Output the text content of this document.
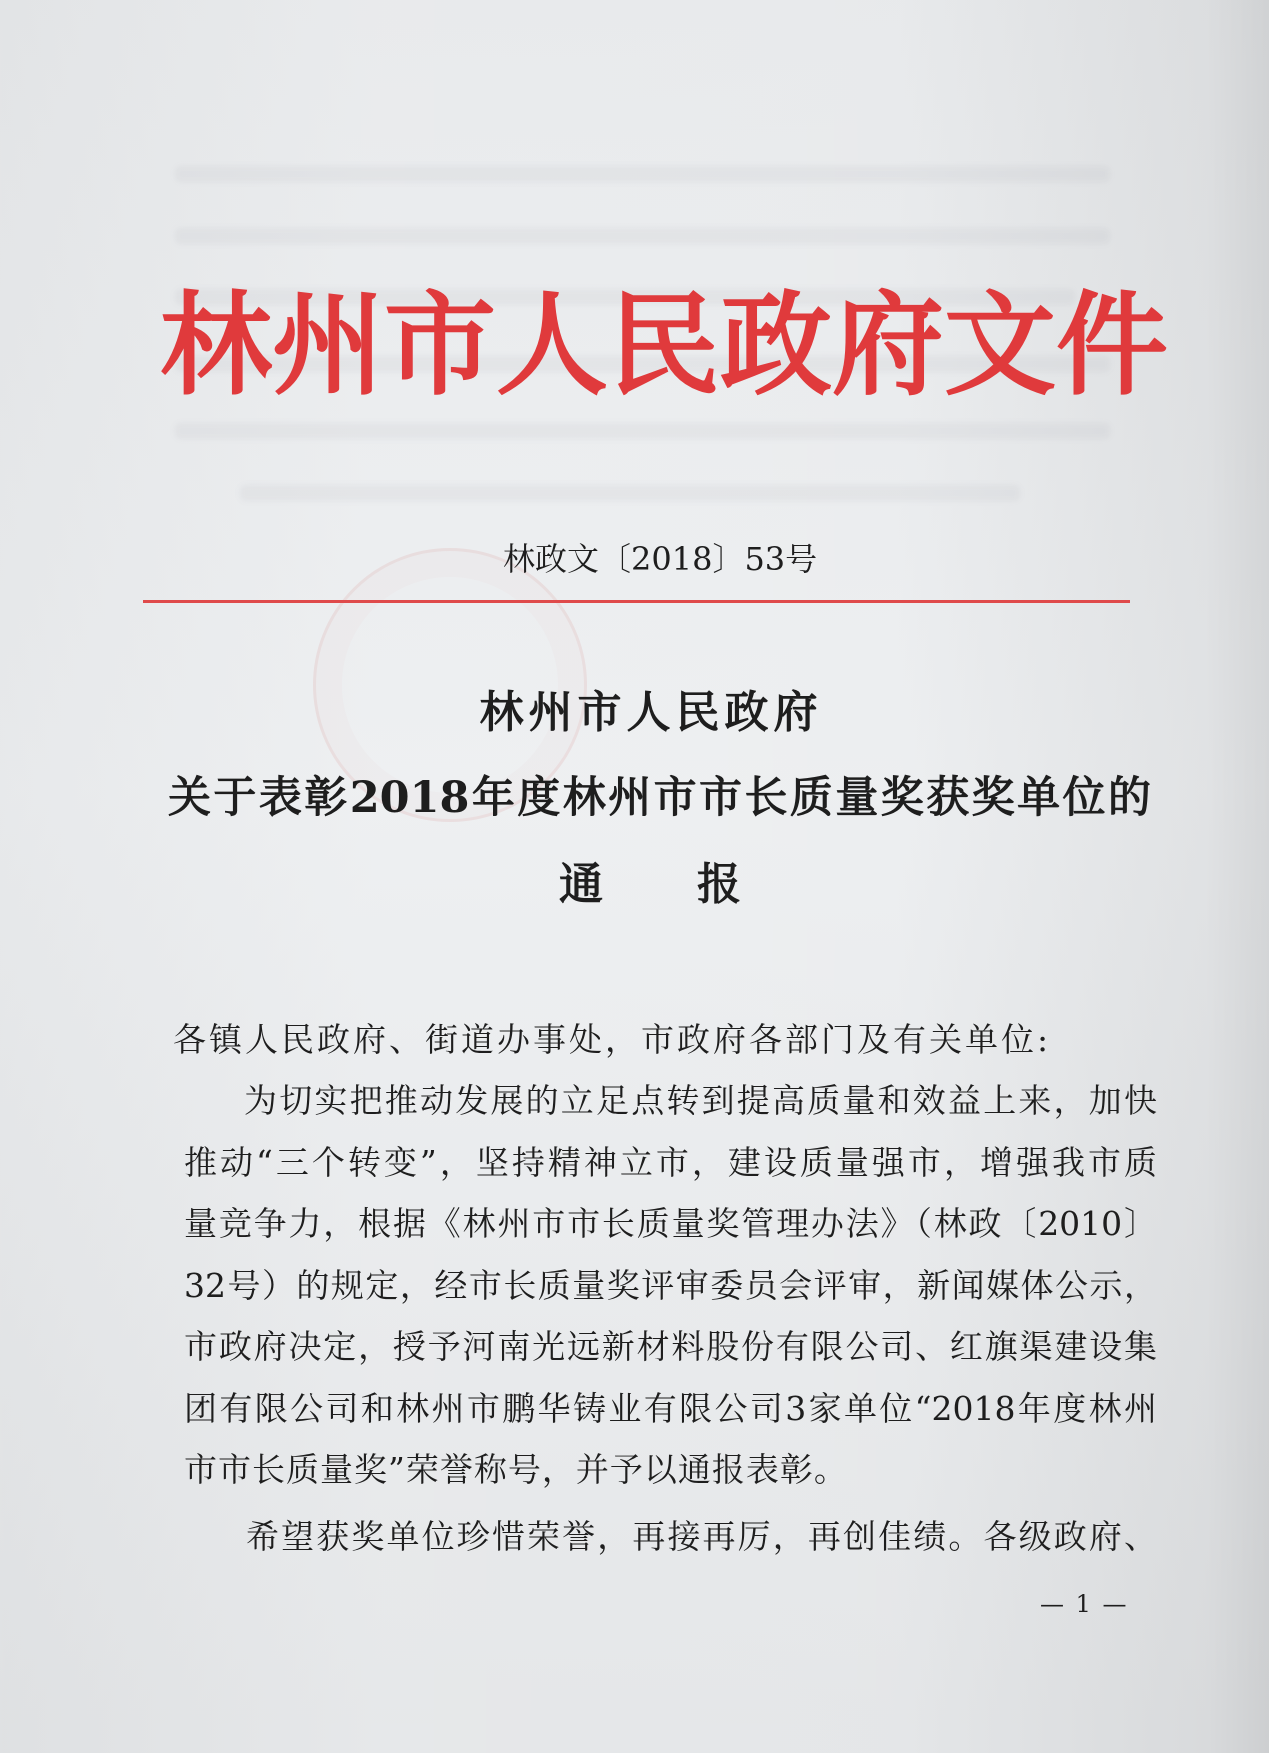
林州市人民政府文件
林政文〔2018〕53号
林州市人民政府
关于表彰2018年度林州市市长质量奖获奖单位的
通　　报

各镇人民政府、街道办事处，市政府各部门及有关单位:

为切实把推动发展的立足点转到提高质量和效益上来，加快

推动“三个转变”，坚持精神立市，建设质量强市，增强我市质

量竞争力，根据《林州市市长质量奖管理办法》（林政〔2010〕

32号）的规定，经市长质量奖评审委员会评审，新闻媒体公示，

市政府决定，授予河南光远新材料股份有限公司、红旗渠建设集

团有限公司和林州市鹏华铸业有限公司3家单位“2018年度林州

市市长质量奖”荣誉称号，并予以通报表彰。

希望获奖单位珍惜荣誉，再接再厉，再创佳绩。各级政府、

— 1 —
